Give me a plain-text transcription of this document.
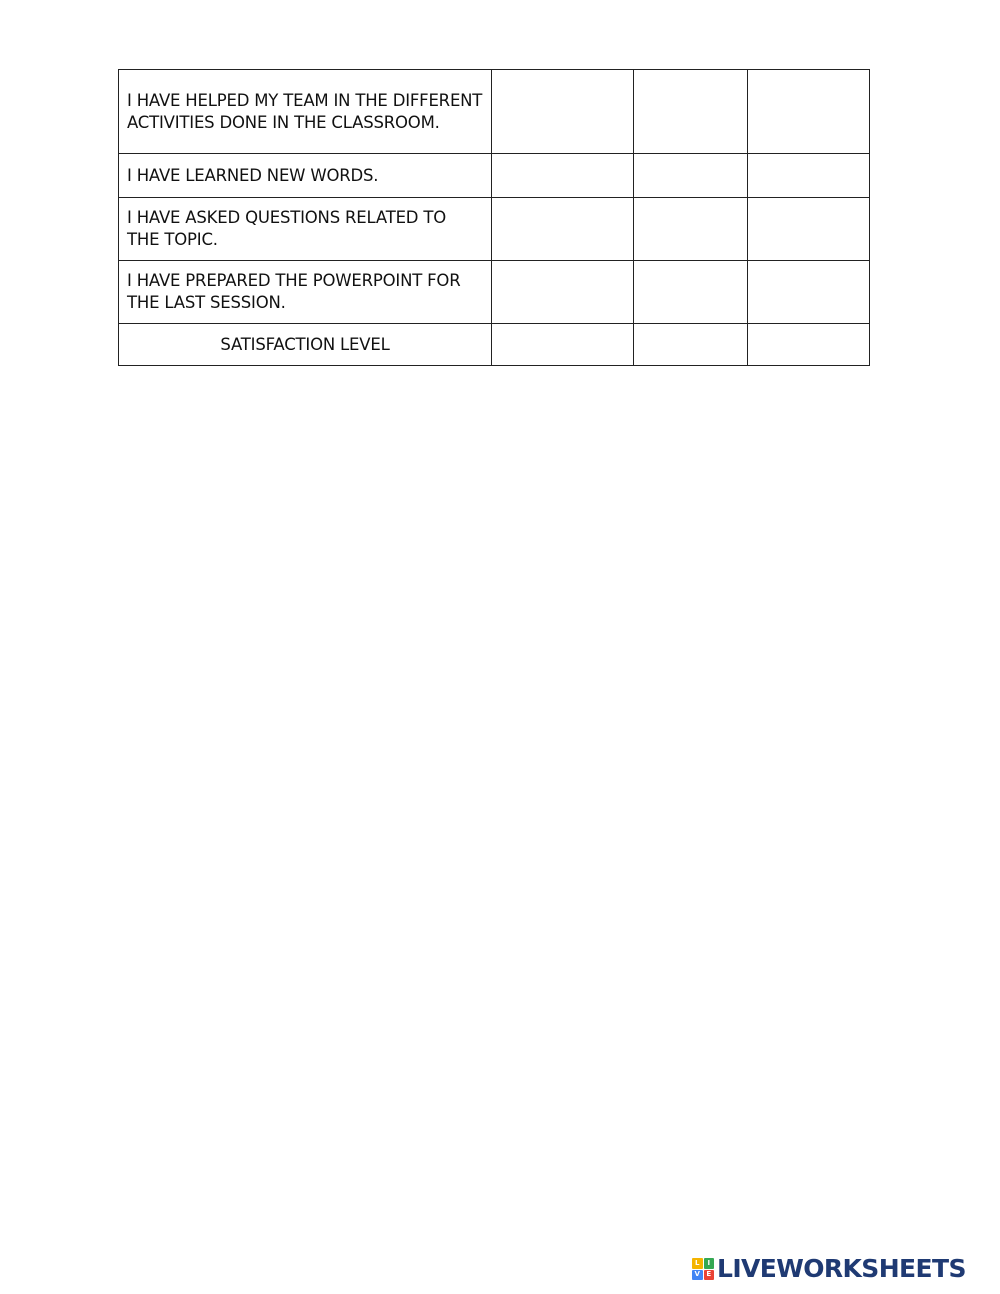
I HAVE HELPED MY TEAM IN THE DIFFERENT ACTIVITIES DONE IN THE CLASSROOM.			
I HAVE LEARNED NEW WORDS.			
I HAVE ASKED QUESTIONS RELATED TO THE TOPIC.			
I HAVE PREPARED THE POWERPOINT FOR THE LAST SESSION.			
SATISFACTION LEVEL			
L	I
V E LIVEWORKSHEETS
